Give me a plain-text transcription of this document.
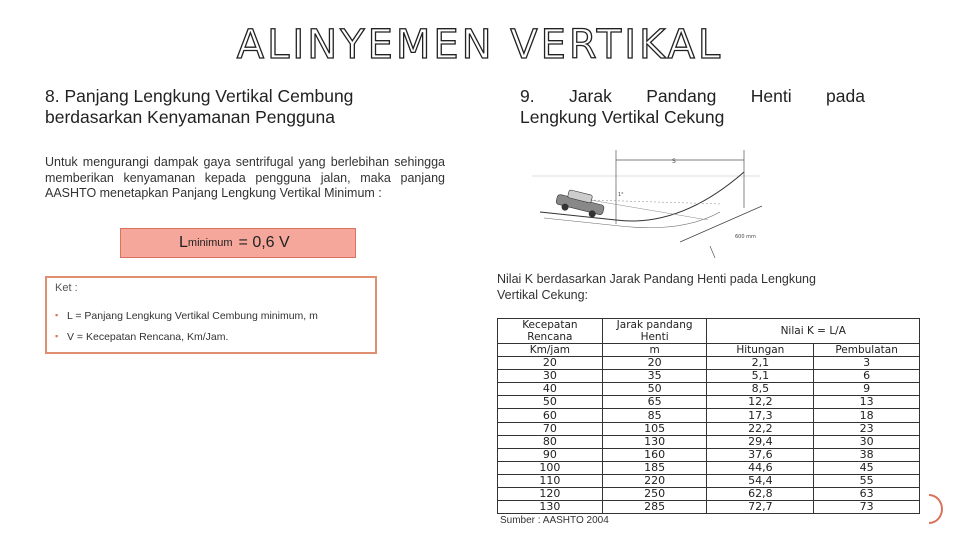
ALINYEMEN VERTIKAL
8. Panjang Lengkung Vertikal Cembung
berdasarkan Kenyamanan Pengguna
9. Jarak Pandang Henti pada
Lengkung Vertikal Cekung

Untuk mengurangi dampak gaya sentrifugal yang berlebihan sehingga memberikan kenyamanan kepada pengguna jalan, maka panjang AASHTO menetapkan Panjang Lengkung Vertikal Minimum :

L minimum = 0,6 V
Ket :
▪ L = Panjang Lengkung Vertikal Cembung minimum, m
▪ V = Kecepatan Rencana, Km/Jam.
S
1°
600 mm
Nilai K berdasarkan Jarak Pandang Henti pada Lengkung Vertikal Cekung:
Kecepatan Rencana	Jarak pandang Henti	Nilai K = L/A	
Km/jam	m	Hitungan	Pembulatan
20	20	2,1	3
30	35	5,1	6
40	50	8,5	9
50	65	12,2	13
60	85	17,3	18
70	105	22,2	23
80	130	29,4	30
90	160	37,6	38
100	185	44,6	45
110	220	54,4	55
120	250	62,8	63
130	285	72,7	73
Sumber : AASHTO 2004
